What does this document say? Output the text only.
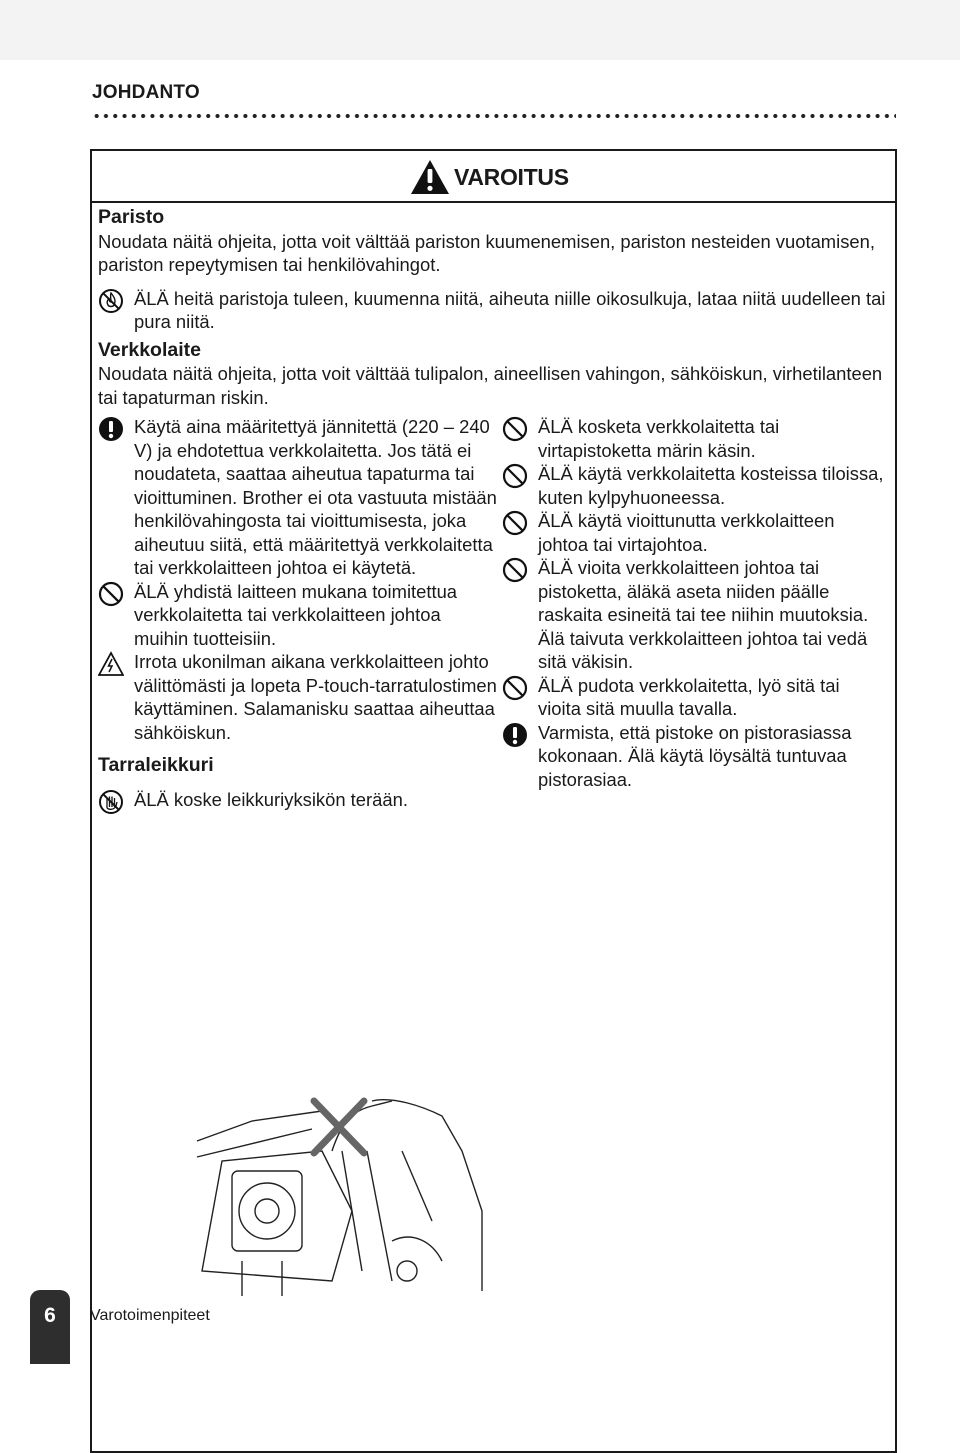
JOHDANTO
VAROITUS

Paristo

Noudata näitä ohjeita, jotta voit välttää pariston kuumenemisen, pariston nesteiden vuotamisen, pariston repeytymisen tai henkilövahingot.

ÄLÄ heitä paristoja tuleen, kuumenna niitä, aiheuta niille oikosulkuja, lataa niitä uudelleen tai pura niitä.

Verkkolaite

Noudata näitä ohjeita, jotta voit välttää tulipalon, aineellisen vahingon, sähköiskun, virhetilanteen tai tapaturman riskin.

Käytä aina määritettyä jännitettä (220 – 240 V) ja ehdotettua verkkolaitetta. Jos tätä ei noudateta, saattaa aiheutua tapaturma tai vioittuminen. Brother ei ota vastuuta mistään henkilövahingosta tai vioittumisesta, joka aiheutuu siitä, että määritettyä verkkolaitetta tai verkkolaitteen johtoa ei käytetä.

ÄLÄ yhdistä laitteen mukana toimitettua verkkolaitetta tai verkkolaitteen johtoa muihin tuotteisiin.

Irrota ukonilman aikana verkkolaitteen johto välittömästi ja lopeta P-touch-tarratulostimen käyttäminen. Salamanisku saattaa aiheuttaa sähköiskun.

Tarraleikkuri

ÄLÄ koske leikkuriyksikön terään.

ÄLÄ kosketa verkkolaitetta tai virtapistoketta märin käsin.

ÄLÄ käytä verkkolaitetta kosteissa tiloissa, kuten kylpyhuoneessa.

ÄLÄ käytä vioittunutta verkkolaitteen johtoa tai virtajohtoa.

ÄLÄ vioita verkkolaitteen johtoa tai pistoketta, äläkä aseta niiden päälle raskaita esineitä tai tee niihin muutoksia. Älä taivuta verkkolaitteen johtoa tai vedä sitä väkisin.

ÄLÄ pudota verkkolaitetta, lyö sitä tai vioita sitä muulla tavalla.

Varmista, että pistoke on pistorasiassa kokonaan. Älä käytä löysältä tuntuvaa pistorasiaa.

6	Varotoimenpiteet
